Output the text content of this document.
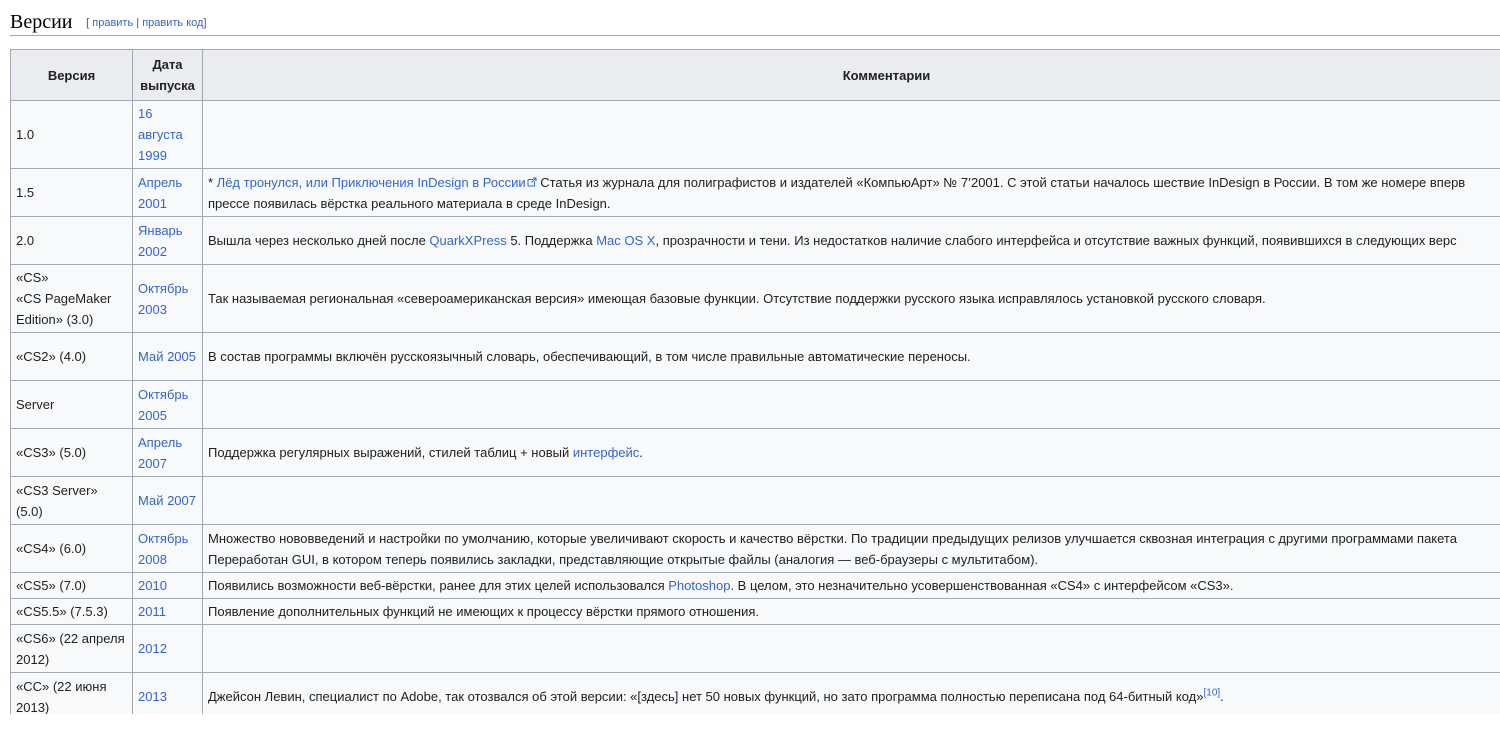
Версии [ править | править код]
Версия	Дата выпуска	Комментарии
1.0	16 августа 1999	
1.5	Апрель 2001	* Лёд тронулся, или Приключения InDesign в России Статья из журнала для полиграфистов и издателей «КомпьюАрт» № 7’2001. С этой статьи началось шествие InDesign в России. В том же номере вперв
прессе появилась вёрстка реального материала в среде InDesign.
2.0	Январь 2002	Вышла через несколько дней после QuarkXPress 5. Поддержка Mac OS X, прозрачности и тени. Из недостатков наличие слабого интерфейса и отсутствие важных функций, появившихся в следующих верс
«CS»
«CS PageMaker Edition» (3.0)	Октябрь 2003	Так называемая региональная «североамериканская версия» имеющая базовые функции. Отсутствие поддержки русского языка исправлялось установкой русского словаря.
«CS2» (4.0)	Май 2005	В состав программы включён русскоязычный словарь, обеспечивающий, в том числе правильные автоматические переносы.
Server	Октябрь 2005	
«CS3» (5.0)	Апрель 2007	Поддержка регулярных выражений, стилей таблиц + новый интерфейс.
«CS3 Server» (5.0)	Май 2007	
«CS4» (6.0)	Октябрь 2008	Множество нововведений и настройки по умолчанию, которые увеличивают скорость и качество вёрстки. По традиции предыдущих релизов улучшается сквозная интеграция с другими программами пакета
Переработан GUI, в котором теперь появились закладки, представляющие открытые файлы (аналогия — веб-браузеры с мультитабом).
«CS5» (7.0)	2010	Появились возможности веб-вёрстки, ранее для этих целей использовался Photoshop. В целом, это незначительно усовершенствованная «CS4» с интерфейсом «CS3».
«CS5.5» (7.5.3)	2011	Появление дополнительных функций не имеющих к процессу вёрстки прямого отношения.
«CS6» (22 апреля 2012)	2012	
«CC» (22 июня 2013)	2013	Джейсон Левин, специалист по Adobe, так отозвался об этой версии: «[здесь] нет 50 новых функций, но зато программа полностью переписана под 64-битный код»[10].
